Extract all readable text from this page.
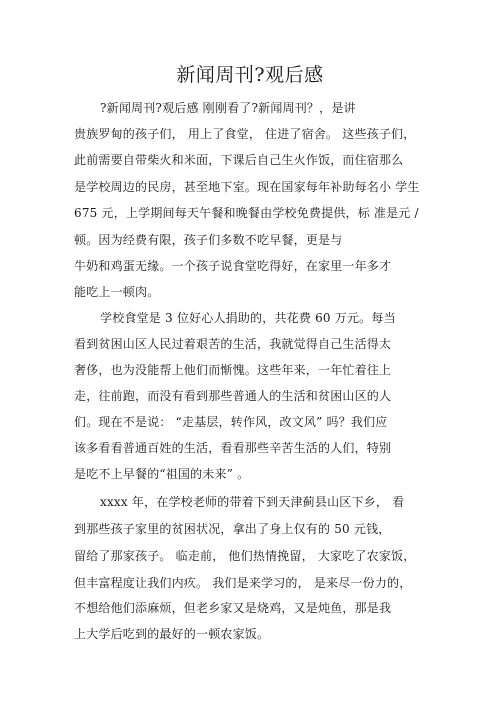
新闻周刊?观后感
?新闻周刊?观后感 刚刚看了?新闻周刊？，是讲
贵族罗甸的孩子们， 用上了食堂， 住进了宿舍。 这些孩子们，
此前需要自带柴火和米面，下课后自己生火作饭，而住宿那么
是学校周边的民房，甚至地下室。现在国家每年补助每名小 学生
675 元，上学期间每天午餐和晚餐由学校免费提供，标 准是元 /
顿。因为经费有限，孩子们多数不吃早餐，更是与
牛奶和鸡蛋无缘。一个孩子说食堂吃得好，在家里一年多才
能吃上一顿肉。
学校食堂是 3 位好心人捐助的，共花费 60 万元。每当
看到贫困山区人民过着艰苦的生活，我就觉得自己生活得太
奢侈，也为没能帮上他们而惭愧。这些年来，一年忙着往上
走，往前跑，而没有看到那些普通人的生活和贫困山区的人
们。现在不是说： “走基层，转作风，改文风” 吗？我们应
该多看看普通百姓的生活，看看那些辛苦生活的人们，特别
是吃不上早餐的“祖国的未来” 。
xxxx 年，在学校老师的带着下到天津蓟县山区下乡， 看
到那些孩子家里的贫困状况，拿出了身上仅有的 50 元钱，
留给了那家孩子。 临走前， 他们热情挽留， 大家吃了农家饭，
但丰富程度让我们内疚。 我们是来学习的， 是来尽一份力的，
不想给他们添麻烦，但老乡家又是烧鸡，又是炖鱼，那是我
上大学后吃到的最好的一顿农家饭。
